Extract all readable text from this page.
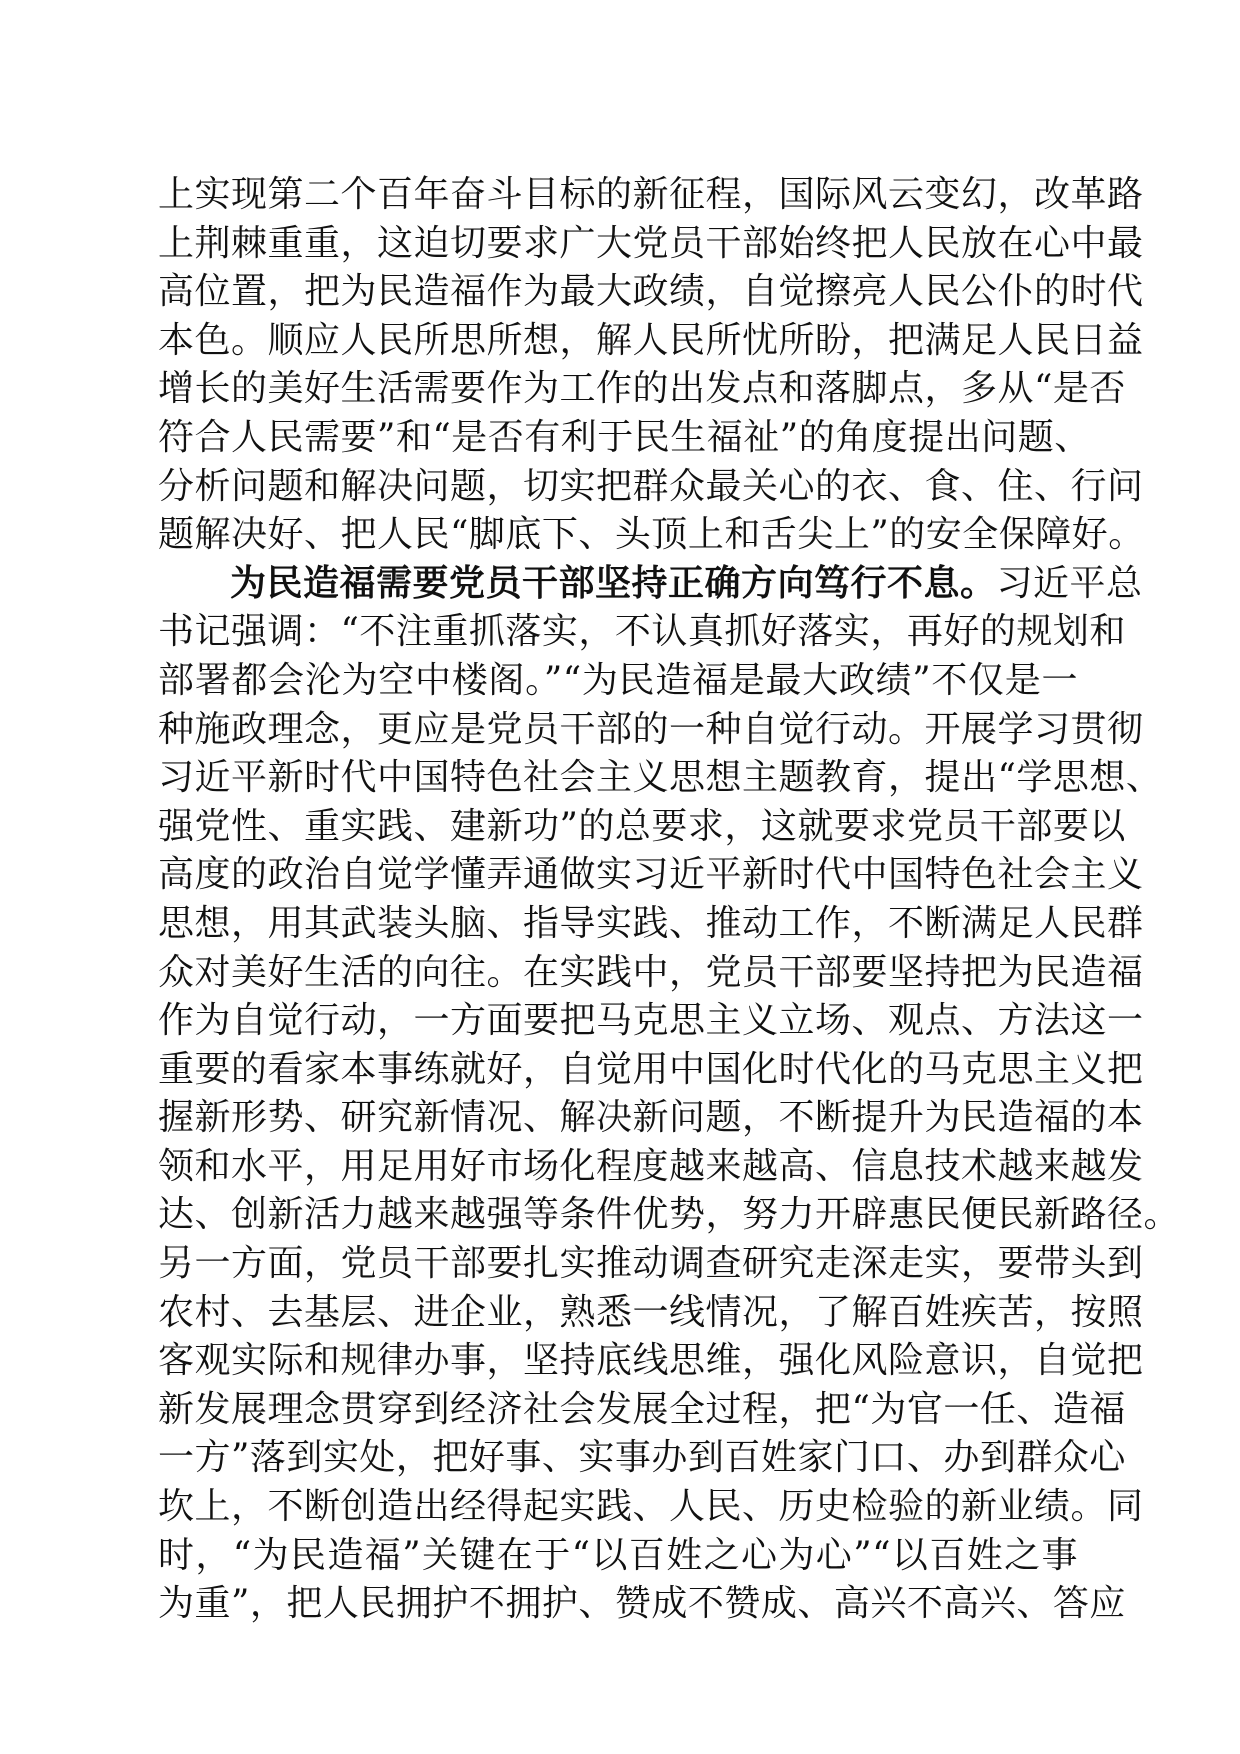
上实现第二个百年奋斗目标的新征程，国际风云变幻，改革路
上荆棘重重，这迫切要求广大党员干部始终把人民放在心中最
高位置，把为民造福作为最大政绩，自觉擦亮人民公仆的时代
本色。顺应人民所思所想，解人民所忧所盼，把满足人民日益
增长的美好生活需要作为工作的出发点和落脚点，多从“是否
符合人民需要”和“是否有利于民生福祉”的角度提出问题、
分析问题和解决问题，切实把群众最关心的衣、食、住、行问
题解决好、把人民“脚底下、头顶上和舌尖上”的安全保障好。
为民造福需要党员干部坚持正确方向笃行不息。习近平总
书记强调：“不注重抓落实，不认真抓好落实，再好的规划和
部署都会沦为空中楼阁。”“为民造福是最大政绩”不仅是一
种施政理念，更应是党员干部的一种自觉行动。开展学习贯彻
习近平新时代中国特色社会主义思想主题教育，提出“学思想、
强党性、重实践、建新功”的总要求，这就要求党员干部要以
高度的政治自觉学懂弄通做实习近平新时代中国特色社会主义
思想，用其武装头脑、指导实践、推动工作，不断满足人民群
众对美好生活的向往。在实践中，党员干部要坚持把为民造福
作为自觉行动，一方面要把马克思主义立场、观点、方法这一
重要的看家本事练就好，自觉用中国化时代化的马克思主义把
握新形势、研究新情况、解决新问题，不断提升为民造福的本
领和水平，用足用好市场化程度越来越高、信息技术越来越发
达、创新活力越来越强等条件优势，努力开辟惠民便民新路径。
另一方面，党员干部要扎实推动调查研究走深走实，要带头到
农村、去基层、进企业，熟悉一线情况，了解百姓疾苦，按照
客观实际和规律办事，坚持底线思维，强化风险意识，自觉把
新发展理念贯穿到经济社会发展全过程，把“为官一任、造福
一方”落到实处，把好事、实事办到百姓家门口、办到群众心
坎上，不断创造出经得起实践、人民、历史检验的新业绩。同
时，“为民造福”关键在于“以百姓之心为心”“以百姓之事
为重”，把人民拥护不拥护、赞成不赞成、高兴不高兴、答应
